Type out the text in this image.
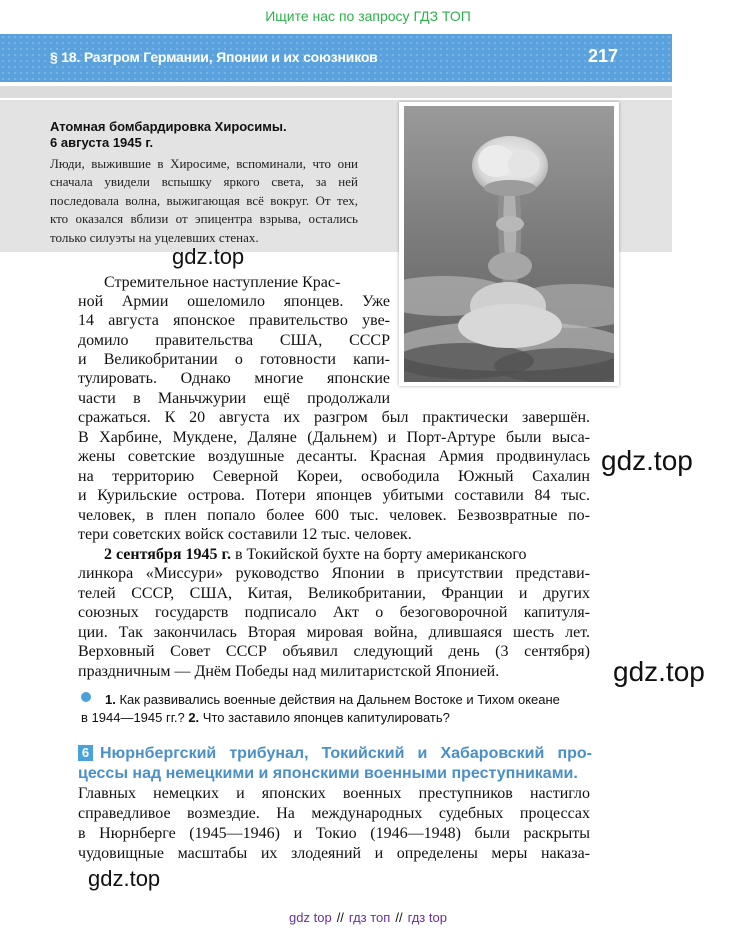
Ищите нас по запросу ГДЗ ТОП
§ 18. Разгром Германии, Японии и их союзников	217
Атомная бомбардировка Хиросимы.
6 августа 1945 г.
Люди, выжившие в Хиросиме, вспоминали, что они сначала увидели вспышку яркого света, за ней последовала волна, выжигающая всё вокруг. От тех, кто оказался вблизи от эпицентра взрыва, остались только силуэты на уцелевших стенах.
gdz.top
gdz.top
gdz.top
gdz.top
Стремительное наступление Крас-
ной Армии ошеломило японцев. Уже
14 августа японское правительство уве-
домило правительства США, СССР
и Великобритании о готовности капи-
тулировать. Однако многие японские
части в Маньчжурии ещё продолжали
сражаться. К 20 августа их разгром был практически завершён.
В Харбине, Мукдене, Даляне (Дальнем) и Порт-Артуре были выса-
жены советские воздушные десанты. Красная Армия продвинулась
на территорию Северной Кореи, освободила Южный Сахалин
и Курильские острова. Потери японцев убитыми составили 84 тыс.
человек, в плен попало более 600 тыс. человек. Безвозвратные по-
тери советских войск составили 12 тыс. человек.
2 сентября 1945 г. в Токийской бухте на борту американского
линкора «Миссури» руководство Японии в присутствии представи-
телей СССР, США, Китая, Великобритании, Франции и других
союзных государств подписало Акт о безоговорочной капитуля-
ции. Так закончилась Вторая мировая война, длившаяся шесть лет.
Верховный Совет СССР объявил следующий день (3 сентября)
праздничным — Днём Победы над милитаристской Японией.
1. Как развивались военные действия на Дальнем Востоке и Тихом океане
в 1944—1945 гг.? 2. Что заставило японцев капитулировать?
6 Нюрнбергский трибунал, Токийский и Хабаровский про-
цессы над немецкими и японскими военными преступниками.
Главных немецких и японских военных преступников настигло
справедливое возмездие. На международных судебных процессах
в Нюрнберге (1945—1946) и Токио (1946—1948) были раскрыты
чудовищные масштабы их злодеяний и определены меры наказа-
gdz top // гдз топ // гдз top
